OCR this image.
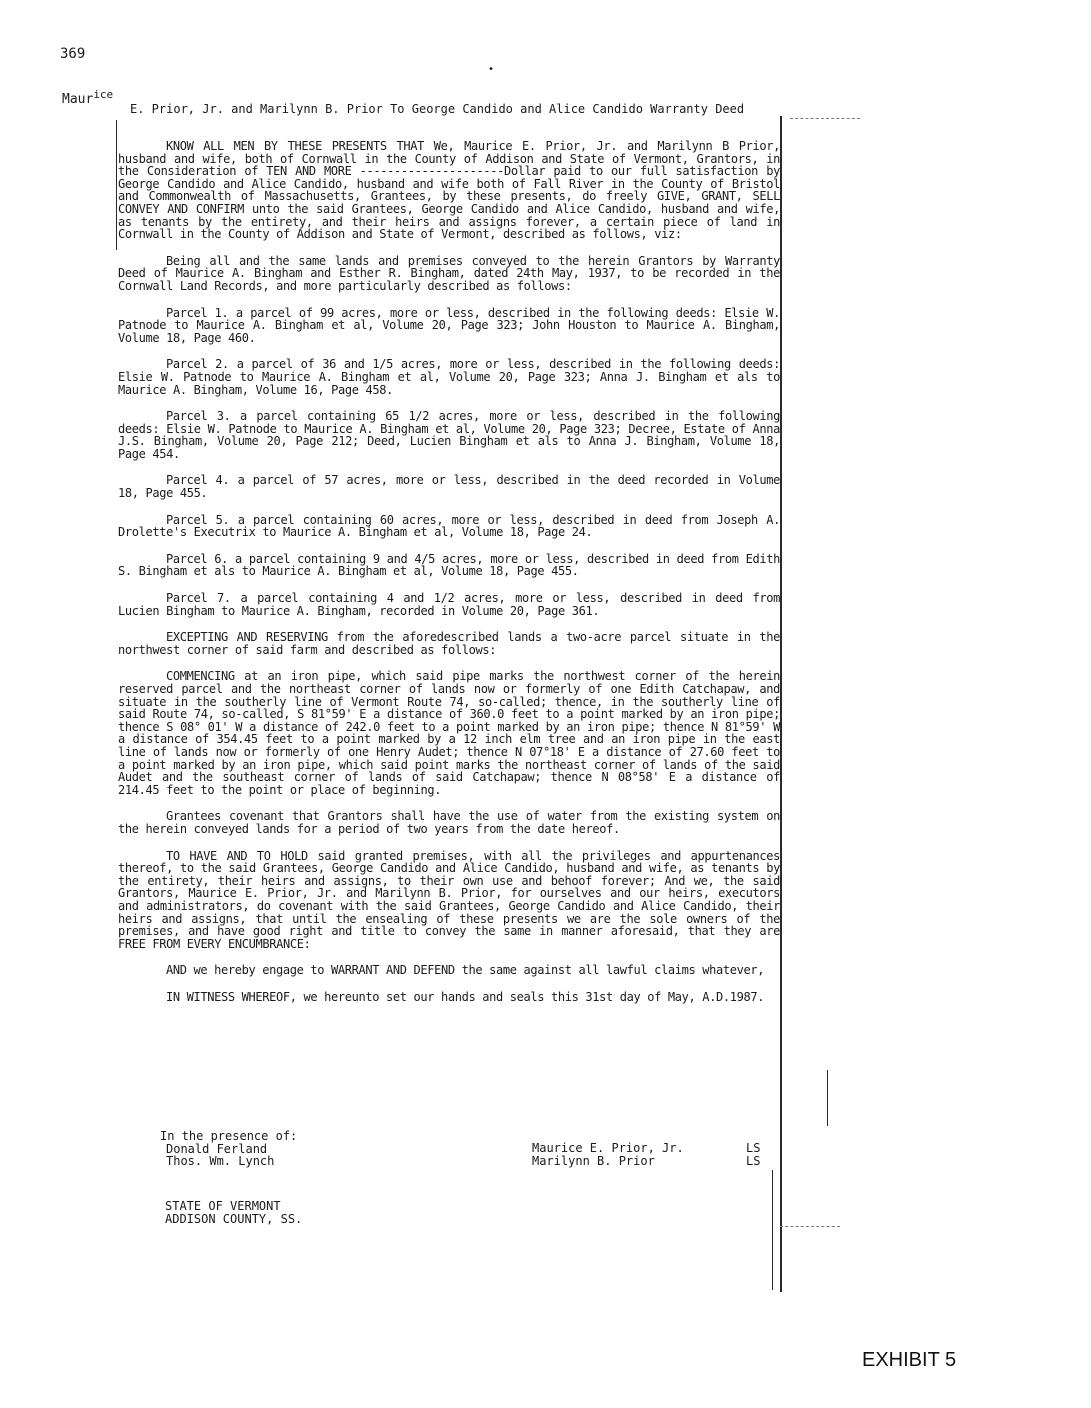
369
•
Maur$^{ice}$
E. Prior, Jr. and Marilynn B. Prior To George Candido and Alice Candido Warranty Deed

KNOW ALL MEN BY THESE PRESENTS THAT We, Maurice E. Prior, Jr. and Marilynn B Prior, husband and wife, both of Cornwall in the County of Addison and State of Vermont, Grantors, in the Consideration of TEN AND MORE ---------------------Dollar paid to our full satisfaction by George Candido and Alice Candido, husband and wife both of Fall River in the County of Bristol and Commonwealth of Massachusetts, Grantees, by these presents, do freely GIVE, GRANT, SELL CONVEY AND CONFIRM unto the said Grantees, George Candido and Alice Candido, husband and wife, as tenants by the entirety, and their heirs and assigns forever, a certain piece of land in Cornwall in the County of Addison and State of Vermont, described as follows, viz:

Being all and the same lands and premises conveyed to the herein Grantors by Warranty Deed of Maurice A. Bingham and Esther R. Bingham, dated 24th May, 1937, to be recorded in the Cornwall Land Records, and more particularly described as follows:

Parcel 1. a parcel of 99 acres, more or less, described in the following deeds: Elsie W. Patnode to Maurice A. Bingham et al, Volume 20, Page 323; John Houston to Maurice A. Bingham, Volume 18, Page 460.

Parcel 2. a parcel of 36 and 1/5 acres, more or less, described in the following deeds: Elsie W. Patnode to Maurice A. Bingham et al, Volume 20, Page 323; Anna J. Bingham et als to Maurice A. Bingham, Volume 16, Page 458.

Parcel 3. a parcel containing 65 1/2 acres, more or less, described in the following deeds: Elsie W. Patnode to Maurice A. Bingham et al, Volume 20, Page 323; Decree, Estate of Anna J.S. Bingham, Volume 20, Page 212; Deed, Lucien Bingham et als to Anna J. Bingham, Volume 18, Page 454.

Parcel 4. a parcel of 57 acres, more or less, described in the deed recorded in Volume 18, Page 455.

Parcel 5. a parcel containing 60 acres, more or less, described in deed from Joseph A. Drolette's Executrix to Maurice A. Bingham et al, Volume 18, Page 24.

Parcel 6. a parcel containing 9 and 4/5 acres, more or less, described in deed from Edith S. Bingham et als to Maurice A. Bingham et al, Volume 18, Page 455.

Parcel 7. a parcel containing 4 and 1/2 acres, more or less, described in deed from Lucien Bingham to Maurice A. Bingham, recorded in Volume 20, Page 361.

EXCEPTING AND RESERVING from the aforedescribed lands a two-acre parcel situate in the northwest corner of said farm and described as follows:

COMMENCING at an iron pipe, which said pipe marks the northwest corner of the herein reserved parcel and the northeast corner of lands now or formerly of one Edith Catchapaw, and situate in the southerly line of Vermont Route 74, so-called; thence, in the southerly line of said Route 74, so-called, S 81°59' E a distance of 360.0 feet to a point marked by an iron pipe; thence S 08° 01' W a distance of 242.0 feet to a point marked by an iron pipe; thence N 81°59' W a distance of 354.45 feet to a point marked by a 12 inch elm tree and an iron pipe in the east line of lands now or formerly of one Henry Audet; thence N 07°18' E a distance of 27.60 feet to a point marked by an iron pipe, which said point marks the northeast corner of lands of the said Audet and the southeast corner of lands of said Catchapaw; thence N 08°58' E a distance of 214.45 feet to the point or place of beginning.

Grantees covenant that Grantors shall have the use of water from the existing system on the herein conveyed lands for a period of two years from the date hereof.

TO HAVE AND TO HOLD said granted premises, with all the privileges and appurtenances thereof, to the said Grantees, George Candido and Alice Candido, husband and wife, as tenants by the entirety, their heirs and assigns, to their own use and behoof forever; And we, the said Grantors, Maurice E. Prior, Jr. and Marilynn B. Prior, for ourselves and our heirs, executors and administrators, do covenant with the said Grantees, George Candido and Alice Candido, their heirs and assigns, that until the ensealing of these presents we are the sole owners of the premises, and have good right and title to convey the same in manner aforesaid, that they are FREE FROM EVERY ENCUMBRANCE:

AND we hereby engage to WARRANT AND DEFEND the same against all lawful claims whatever,

IN WITNESS WHEREOF, we hereunto set our hands and seals this 31st day of May, A.D.1987.

In the presence of:
Donald Ferland
Thos. Wm. Lynch
Maurice E. Prior, Jr.
Marilynn B. Prior
LS
LS
STATE OF VERMONT
ADDISON COUNTY, SS.
EXHIBIT 5
